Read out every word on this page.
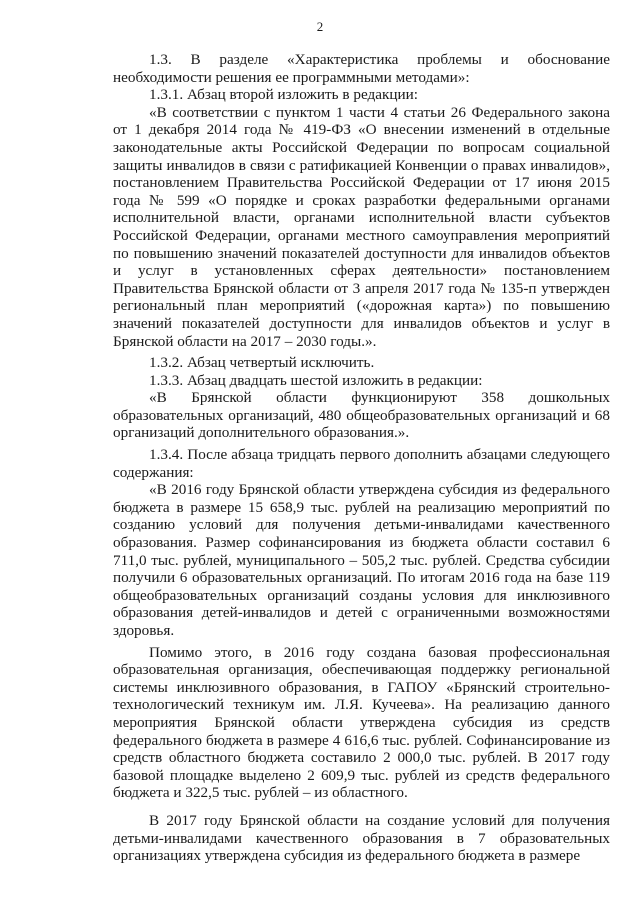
2

1.3. В разделе «Характеристика проблемы и обоснование необходимости решения ее программными методами»:

1.3.1. Абзац второй изложить в редакции:

«В соответствии с пунктом 1 части 4 статьи 26 Федерального закона от 1 декабря 2014 года № 419-ФЗ «О внесении изменений в отдельные законодательные акты Российской Федерации по вопросам социальной защиты инвалидов в связи с ратификацией Конвенции о правах инвалидов», постановлением Правительства Российской Федерации от 17 июня 2015 года № 599 «О порядке и сроках разработки федеральными органами исполнительной власти, органами исполнительной власти субъектов Российской Федерации, органами местного самоуправления мероприятий по повышению значений показателей доступности для инвалидов объектов и услуг в установленных сферах деятельности» постановлением Правительства Брянской области от 3 апреля 2017 года № 135-п утвержден региональный план мероприятий («дорожная карта») по повышению значений показателей доступности для инвалидов объектов и услуг в Брянской области на 2017 – 2030 годы.».

1.3.2. Абзац четвертый исключить.

1.3.3. Абзац двадцать шестой изложить в редакции:

«В Брянской области функционируют 358 дошкольных образовательных организаций, 480 общеобразовательных организаций и 68 организаций дополнительного образования.».

1.3.4. После абзаца тридцать первого дополнить абзацами следующего содержания:

«В 2016 году Брянской области утверждена субсидия из федерального бюджета в размере 15 658,9 тыс. рублей на реализацию мероприятий по созданию условий для получения детьми-инвалидами качественного образования. Размер софинансирования из бюджета области составил 6 711,0 тыс. рублей, муниципального – 505,2 тыс. рублей. Средства субсидии получили 6 образовательных организаций. По итогам 2016 года на базе 119 общеобразовательных организаций созданы условия для инклюзивного образования детей-инвалидов и детей с ограниченными возможностями здоровья.

Помимо этого, в 2016 году создана базовая профессиональная образовательная организация, обеспечивающая поддержку региональной системы инклюзивного образования, в ГАПОУ «Брянский строительно-технологический техникум им. Л.Я. Кучеева». На реализацию данного мероприятия Брянской области утверждена субсидия из средств федерального бюджета в размере 4 616,6 тыс. рублей. Софинансирование из средств областного бюджета составило 2 000,0 тыс. рублей. В 2017 году базовой площадке выделено 2 609,9 тыс. рублей из средств федерального бюджета и 322,5 тыс. рублей – из областного.

В 2017 году Брянской области на создание условий для получения детьми-инвалидами качественного образования в 7 образовательных организациях утверждена субсидия из федерального бюджета в размере
